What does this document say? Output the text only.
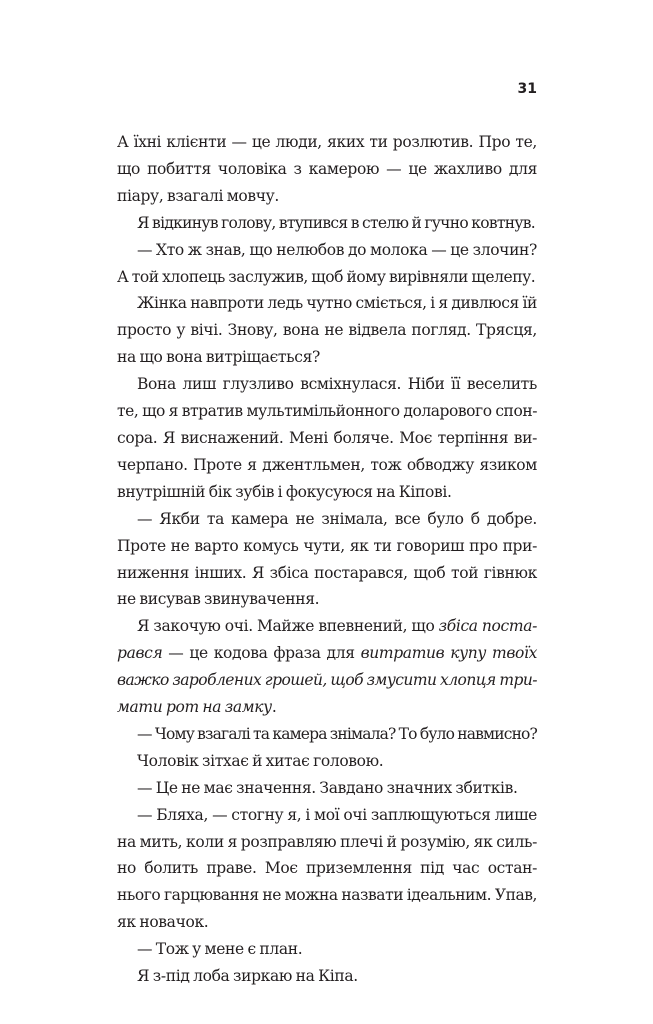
31
А їхні клієнти — це люди, яких ти розлютив. Про те,
що побиття чоловіка з камерою — це жахливо для
піару, взагалі мовчу.
Я відкинув голову, втупився в стелю й гучно ковтнув.
— Хто ж знав, що нелюбов до молока — це злочин?
А той хлопець заслужив, щоб йому вирівняли щелепу.
Жінка навпроти ледь чутно сміється, і я дивлюся їй
просто у вічі. Знову, вона не відвела погляд. Трясця,
на що вона витріщається?
Вона лиш глузливо всміхнулася. Ніби її веселить
те, що я втратив мультимільйонного доларового спон-
сора. Я виснажений. Мені боляче. Моє терпіння ви-
черпано. Проте я джентльмен, тож обводжу язиком
внутрішній бік зубів і фокусуюся на Кіпові.
— Якби та камера не знімала, все було б добре.
Проте не варто комусь чути, як ти говориш про при-
ниження інших. Я збіса постарався, щоб той гівнюк
не висував звинувачення.
Я закочую очі. Майже впевнений, що збіса поста-
рався — це кодова фраза для витратив купу твоїх
важко зароблених грошей, щоб змусити хлопця три-
мати рот на замку.
— Чому взагалі та камера знімала? То було навмисно?
Чоловік зітхає й хитає головою.
— Це не має значення. Завдано значних збитків.
— Бляха, — стогну я, і мої очі заплющуються лише
на мить, коли я розправляю плечі й розумію, як силь-
но болить праве. Моє приземлення під час остан-
нього гарцювання не можна назвати ідеальним. Упав,
як новачок.
— Тож у мене є план.
Я з-під лоба зиркаю на Кіпа.
